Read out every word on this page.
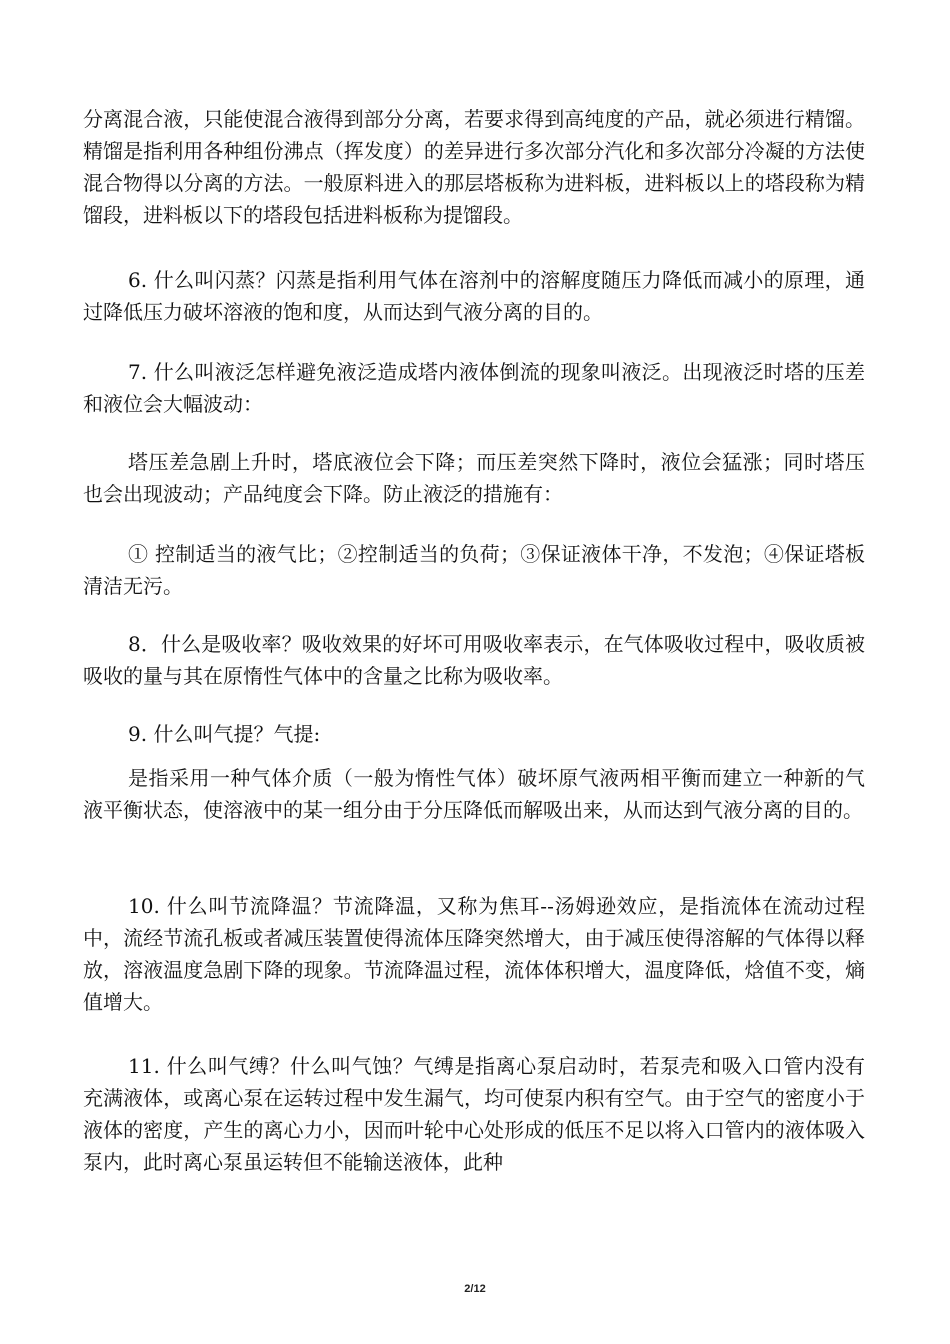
分离混合液，只能使混合液得到部分分离，若要求得到高纯度的产品，就必须进行精馏。精馏是指利用各种组份沸点（挥发度）的差异进行多次部分汽化和多次部分冷凝的方法使混合物得以分离的方法。一般原料进入的那层塔板称为进料板，进料板以上的塔段称为精馏段，进料板以下的塔段包括进料板称为提馏段。

6. 什么叫闪蒸？闪蒸是指利用气体在溶剂中的溶解度随压力降低而减小的原理，通过降低压力破坏溶液的饱和度，从而达到气液分离的目的。

7. 什么叫液泛怎样避免液泛造成塔内液体倒流的现象叫液泛。出现液泛时塔的压差和液位会大幅波动：

塔压差急剧上升时，塔底液位会下降；而压差突然下降时，液位会猛涨；同时塔压也会出现波动；产品纯度会下降。防止液泛的措施有：

① 控制适当的液气比；②控制适当的负荷；③保证液体干净，不发泡；④保证塔板清洁无污。

8．什么是吸收率？吸收效果的好坏可用吸收率表示，在气体吸收过程中，吸收质被吸收的量与其在原惰性气体中的含量之比称为吸收率。

9. 什么叫气提？气提:

是指采用一种气体介质（一般为惰性气体）破坏原气液两相平衡而建立一种新的气液平衡状态，使溶液中的某一组分由于分压降低而解吸出来，从而达到气液分离的目的。

10. 什么叫节流降温？节流降温，又称为焦耳--汤姆逊效应，是指流体在流动过程中，流经节流孔板或者减压装置使得流体压降突然增大，由于减压使得溶解的气体得以释放，溶液温度急剧下降的现象。节流降温过程，流体体积增大，温度降低，焓值不变，熵值增大。

11. 什么叫气缚？什么叫气蚀？气缚是指离心泵启动时，若泵壳和吸入口管内没有充满液体，或离心泵在运转过程中发生漏气，均可使泵内积有空气。由于空气的密度小于液体的密度，产生的离心力小，因而叶轮中心处形成的低压不足以将入口管内的液体吸入泵内，此时离心泵虽运转但不能输送液体，此种

2/12
